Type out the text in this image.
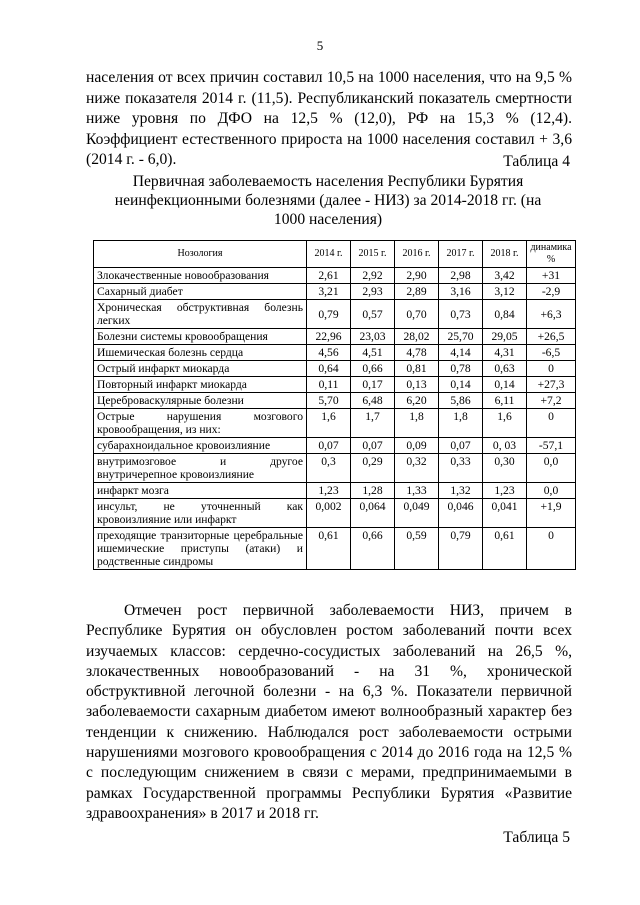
5

населения от всех причин составил 10,5 на 1000 населения, что на 9,5 % ниже показателя 2014 г. (11,5). Республиканский показатель смертности ниже уровня по ДФО на 12,5 % (12,0), РФ на 15,3 % (12,4). Коэффициент естественного прироста на 1000 населения составил + 3,6 (2014 г. - 6,0).	Таблица 4
Первичная заболеваемость населения Республики Бурятия неинфекционными болезнями (далее - НИЗ) за 2014-2018 гг. (на 1000 населения)
Нозология	2014 г.	2015 г.	2016 г.	2017 г.	2018 г.	динамика %
Злокачественные новообразования	2,61	2,92	2,90	2,98	3,42	+31
Сахарный диабет	3,21	2,93	2,89	3,16	3,12	-2,9
Хроническая обструктивная болезнь легких	0,79	0,57	0,70	0,73	0,84	+6,3
Болезни системы кровообращения	22,96	23,03	28,02	25,70	29,05	+26,5
Ишемическая болезнь сердца	4,56	4,51	4,78	4,14	4,31	-6,5
Острый инфаркт миокарда	0,64	0,66	0,81	0,78	0,63	0
Повторный инфаркт миокарда	0,11	0,17	0,13	0,14	0,14	+27,3
Цереброваскулярные болезни	5,70	6,48	6,20	5,86	6,11	+7,2
Острые нарушения мозгового кровообращения, из них:	1,6	1,7	1,8	1,8	1,6	0
субарахноидальное кровоизлияние	0,07	0,07	0,09	0,07	0, 03	-57,1
внутримозговое и другое внутричерепное кровоизлияние	0,3	0,29	0,32	0,33	0,30	0,0
инфаркт мозга	1,23	1,28	1,33	1,32	1,23	0,0
инсульт, не уточненный как кровоизлияние или инфаркт	0,002	0,064	0,049	0,046	0,041	+1,9
преходящие транзиторные церебральные ишемические приступы (атаки) и родственные синдромы	0,61	0,66	0,59	0,79	0,61	0

Отмечен рост первичной заболеваемости НИЗ, причем в Республике Бурятия он обусловлен ростом заболеваний почти всех изучаемых классов: сердечно-сосудистых заболеваний на 26,5 %, злокачественных новообразований - на 31 %, хронической обструктивной легочной болезни - на 6,3 %. Показатели первичной заболеваемости сахарным диабетом имеют волнообразный характер без тенденции к снижению. Наблюдался рост заболеваемости острыми нарушениями мозгового кровообращения с 2014 до 2016 года на 12,5 % с последующим снижением в связи с мерами, предпринимаемыми в рамках Государственной программы Республики Бурятия «Развитие здравоохранения» в 2017 и 2018 гг.

Таблица 5
